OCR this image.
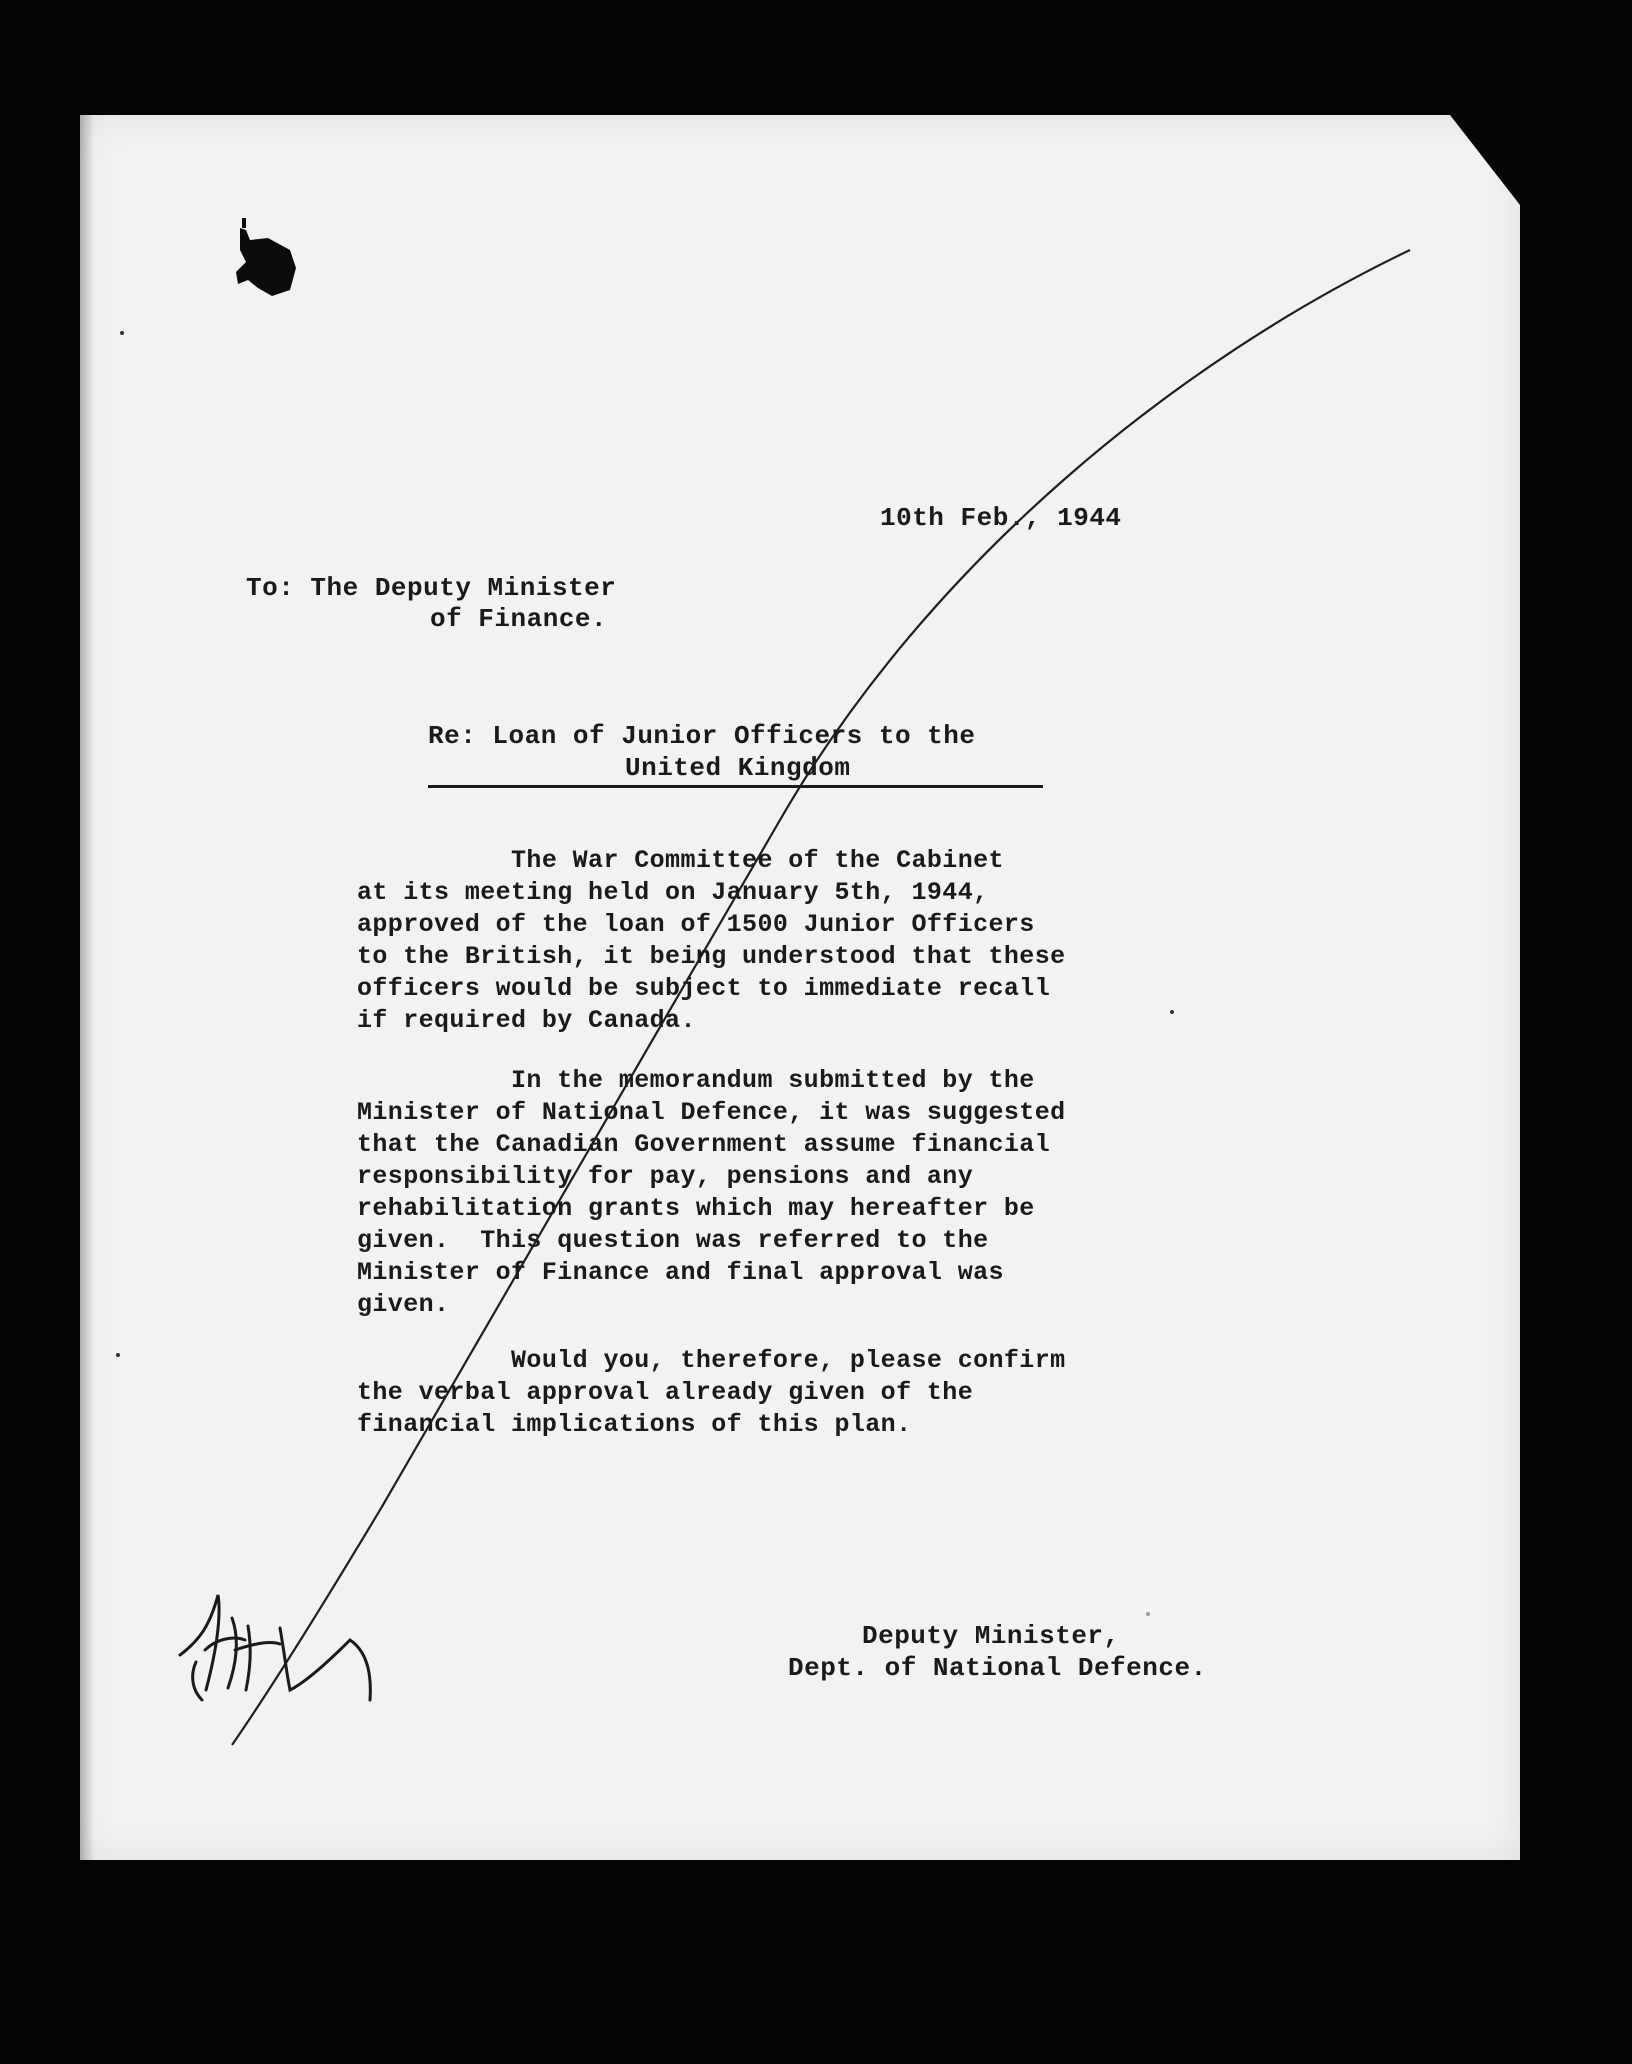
10th Feb., 1944
To: The Deputy Minister
of Finance.
Re: Loan of Junior Officers to the
United Kingdom
The War Committee of the Cabinet
at its meeting held on January 5th, 1944,
approved of the loan of 1500 Junior Officers
to the British, it being understood that these
officers would be subject to immediate recall
if required by Canada.
In the memorandum submitted by the
Minister of National Defence, it was suggested
that the Canadian Government assume financial
responsibility for pay, pensions and any
rehabilitation grants which may hereafter be
given.  This question was referred to the
Minister of Finance and final approval was
given.
Would you, therefore, please confirm
the verbal approval already given of the
financial implications of this plan.
Deputy Minister,
Dept. of National Defence.
